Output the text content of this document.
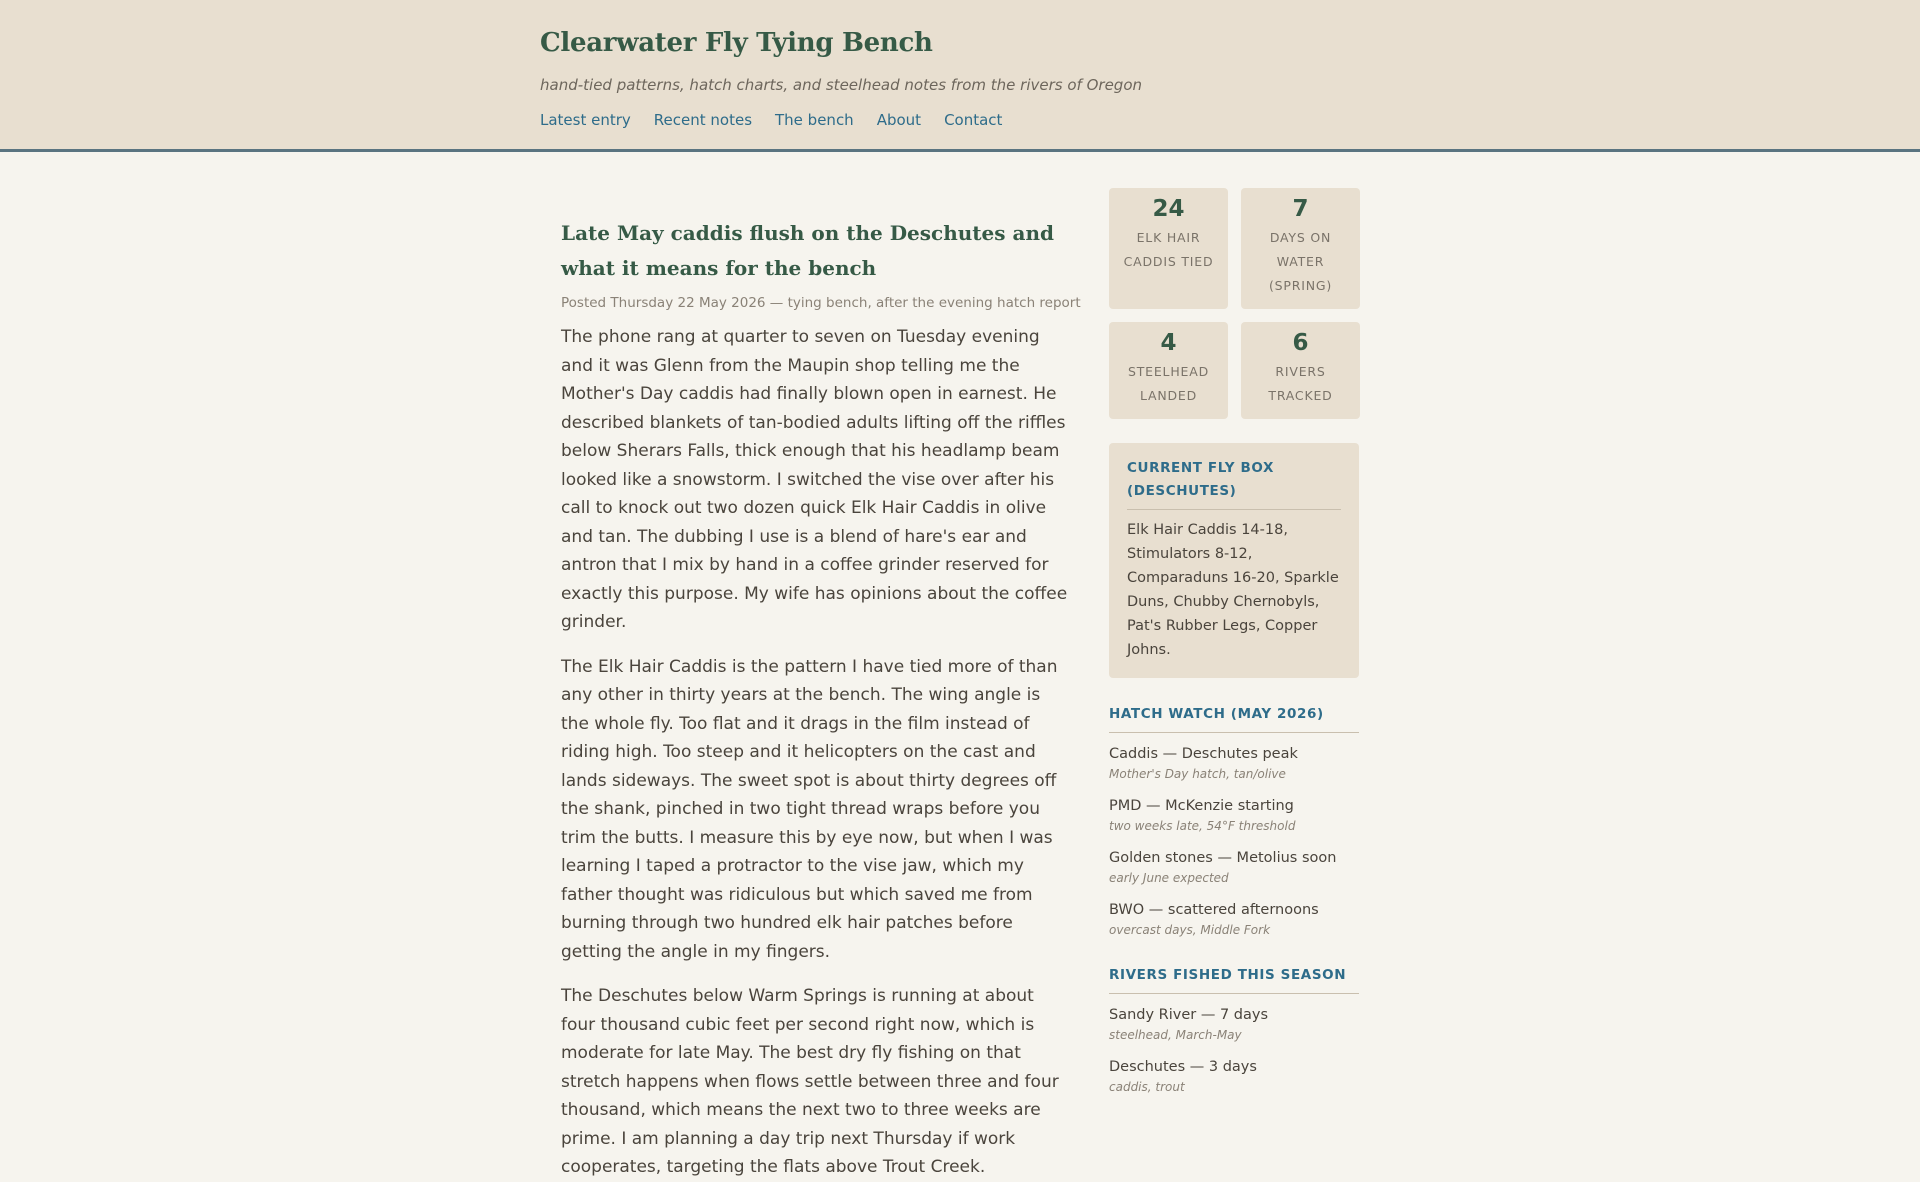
Clearwater Fly Tying Bench
hand-tied patterns, hatch charts, and steelhead notes from the rivers of Oregon
Latest entry Recent notes The bench About Contact
Late May caddis flush on the Deschutes and what it means for the bench
Posted Thursday 22 May 2026 — tying bench, after the evening hatch report

The phone rang at quarter to seven on Tuesday evening and it was Glenn from the Maupin shop telling me the Mother's Day caddis had finally blown open in earnest. He described blankets of tan-bodied adults lifting off the riffles below Sherars Falls, thick enough that his headlamp beam looked like a snowstorm. I switched the vise over after his call to knock out two dozen quick Elk Hair Caddis in olive and tan. The dubbing I use is a blend of hare's ear and antron that I mix by hand in a coffee grinder reserved for exactly this purpose. My wife has opinions about the coffee grinder.

The Elk Hair Caddis is the pattern I have tied more of than any other in thirty years at the bench. The wing angle is the whole fly. Too flat and it drags in the film instead of riding high. Too steep and it helicopters on the cast and lands sideways. The sweet spot is about thirty degrees off the shank, pinched in two tight thread wraps before you trim the butts. I measure this by eye now, but when I was learning I taped a protractor to the vise jaw, which my father thought was ridiculous but which saved me from burning through two hundred elk hair patches before getting the angle in my fingers.

The Deschutes below Warm Springs is running at about four thousand cubic feet per second right now, which is moderate for late May. The best dry fly fishing on that stretch happens when flows settle between three and four thousand, which means the next two to three weeks are prime. I am planning a day trip next Thursday if work cooperates, targeting the flats above Trout Creek.

24
ELK HAIR CADDIS TIED
7
DAYS ON WATER (SPRING)
4
STEELHEAD LANDED
6
RIVERS TRACKED
CURRENT FLY BOX (DESCHUTES)
Elk Hair Caddis 14-18, Stimulators 8-12, Comparaduns 16-20, Sparkle Duns, Chubby Chernobyls, Pat's Rubber Legs, Copper Johns.
HATCH WATCH (MAY 2026)
Caddis — Deschutes peak
Mother's Day hatch, tan/olive
PMD — McKenzie starting
two weeks late, 54°F threshold
Golden stones — Metolius soon
early June expected
BWO — scattered afternoons
overcast days, Middle Fork
RIVERS FISHED THIS SEASON
Sandy River — 7 days
steelhead, March-May
Deschutes — 3 days
caddis, trout
